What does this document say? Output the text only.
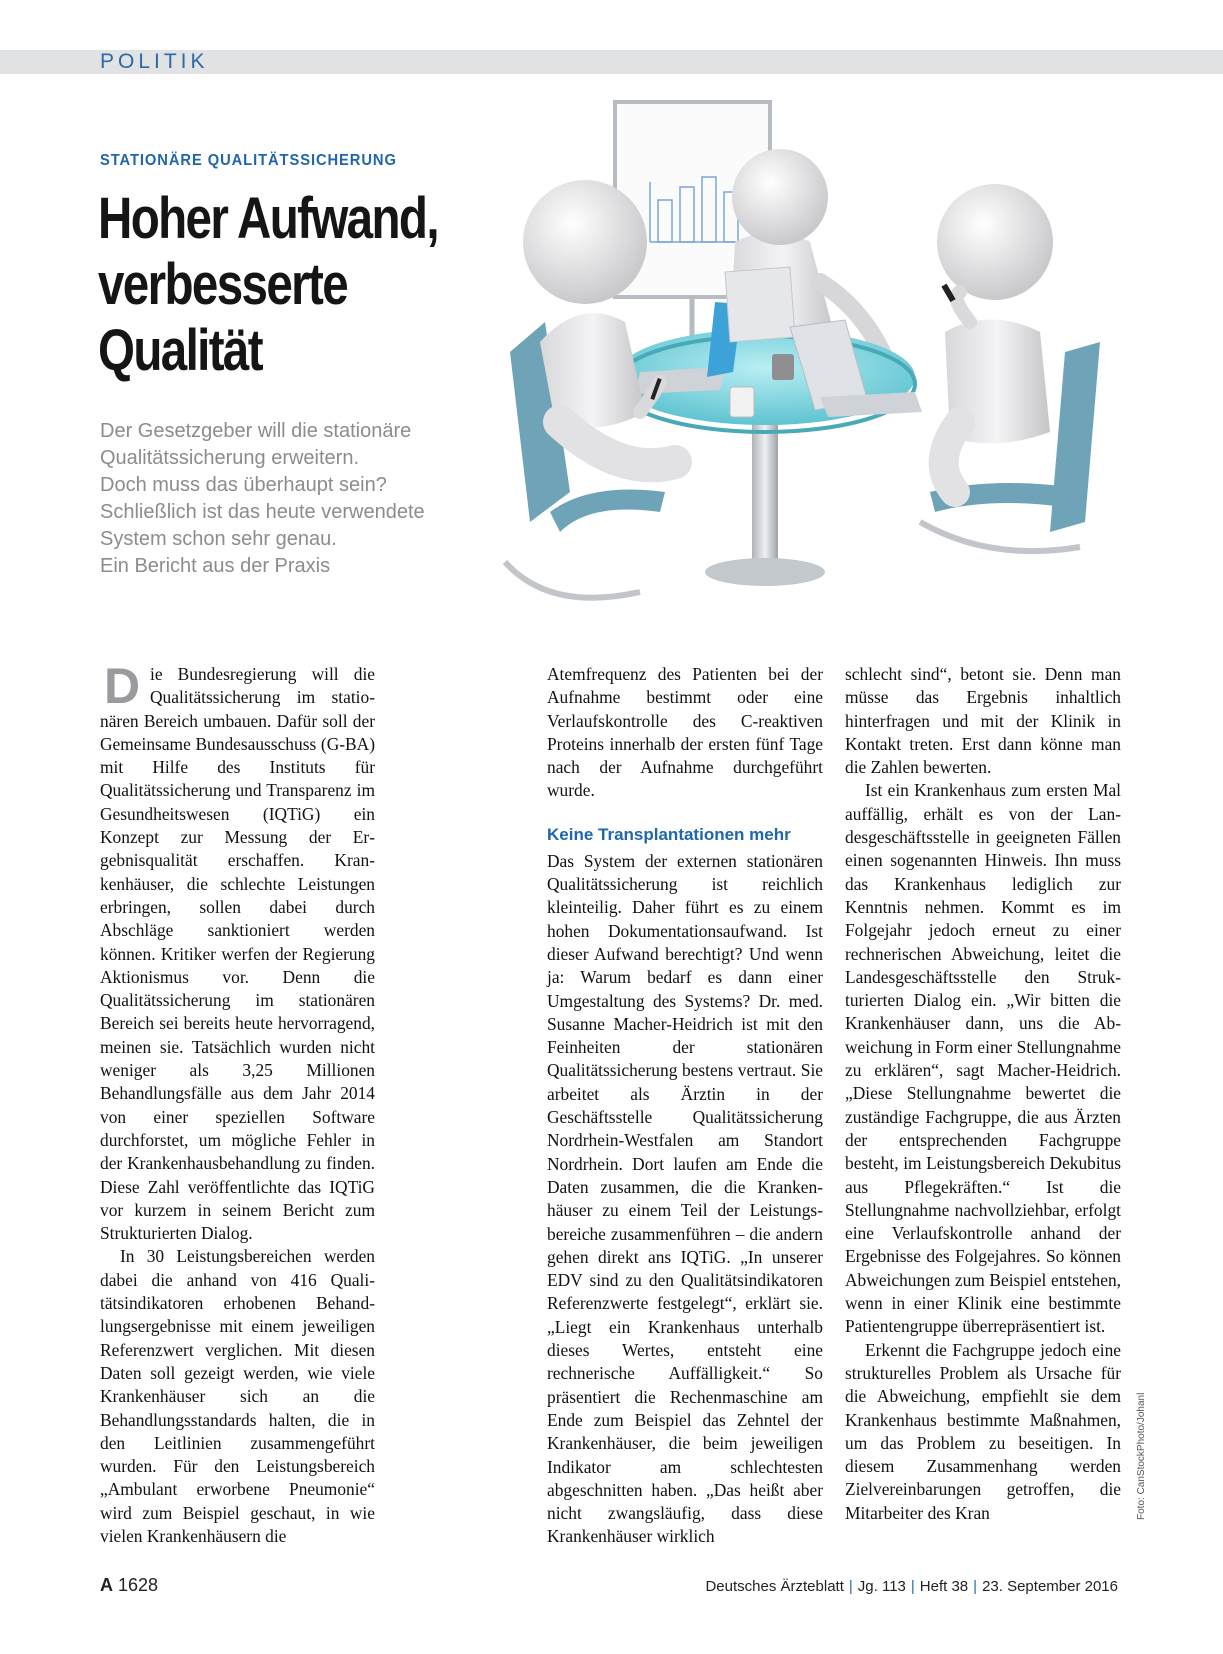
POLITIK
STATIONÄRE QUALITÄTSSICHERUNG
Hoher Aufwand,
verbesserte
Qualität
Der Gesetzgeber will die stationäre
Qualitätssicherung erweitern.
Doch muss das überhaupt sein?
Schließlich ist das heute verwendete
System schon sehr genau.
Ein Bericht aus der Praxis

Die Bundesregierung will die Qualitätssicherung im stationären Bereich umbauen. Dafür soll der Gemeinsame Bundesausschuss (G-BA) mit Hilfe des Instituts für Qualitätssicherung und Transparenz im Gesundheitswesen (IQTiG) ein Konzept zur Messung der Ergebnisqualität erschaffen. Krankenhäuser, die schlechte Leistungen erbringen, sollen dabei durch Abschläge sanktioniert werden können. Kritiker werfen der Regierung Aktionismus vor. Denn die Qualitätssicherung im stationären Bereich sei bereits heute hervorragend, meinen sie. Tatsächlich wurden nicht weniger als 3,25 Millionen Behandlungsfälle aus dem Jahr 2014 von einer speziellen Software durchforstet, um mögliche Fehler in der Krankenhausbehandlung zu finden. Diese Zahl veröffentlichte das IQTiG vor kurzem in seinem Bericht zum Strukturierten Dialog.

In 30 Leistungsbereichen werden dabei die anhand von 416 Qualitätsindikatoren erhobenen Behandlungsergebnisse mit einem jeweiligen Referenzwert verglichen. Mit diesen Daten soll gezeigt werden, wie viele Krankenhäuser sich an die Behandlungsstandards halten, die in den Leitlinien zusammengeführt wurden. Für den Leistungsbereich „Ambulant erworbene Pneumonie“ wird zum Beispiel geschaut, in wie vielen Krankenhäusern die

Atemfrequenz des Patienten bei der Aufnahme bestimmt oder eine Verlaufskontrolle des C-reaktiven Proteins innerhalb der ersten fünf Tage nach der Aufnahme durchgeführt wurde.

Keine Transplantationen mehr

Das System der externen stationären Qualitätssicherung ist reichlich kleinteilig. Daher führt es zu einem hohen Dokumentationsaufwand. Ist dieser Aufwand berechtigt? Und wenn ja: Warum bedarf es dann einer Umgestaltung des Systems? Dr. med. Susanne Macher-Heidrich ist mit den Feinheiten der stationären Qualitätssicherung bestens vertraut. Sie arbeitet als Ärztin in der Geschäftsstelle Qualitätssicherung Nordrhein-Westfalen am Standort Nordrhein. Dort laufen am Ende die Daten zusammen, die die Krankenhäuser zu einem Teil der Leistungsbereiche zusammenführen – die andern gehen direkt ans IQTiG. „In unserer EDV sind zu den Qualitätsindikatoren Referenzwerte festgelegt“, erklärt sie. „Liegt ein Krankenhaus unterhalb dieses Wertes, entsteht eine rechnerische Auffälligkeit.“ So präsentiert die Rechenmaschine am Ende zum Beispiel das Zehntel der Krankenhäuser, die beim jeweiligen Indikator am schlechtesten abgeschnitten haben. „Das heißt aber nicht zwangsläufig, dass diese Krankenhäuser wirklich

schlecht sind“, betont sie. Denn man müsse das Ergebnis inhaltlich hinterfragen und mit der Klinik in Kontakt treten. Erst dann könne man die Zahlen bewerten.

Ist ein Krankenhaus zum ersten Mal auffällig, erhält es von der Landesgeschäftsstelle in geeigneten Fällen einen sogenannten Hinweis. Ihn muss das Krankenhaus lediglich zur Kenntnis nehmen. Kommt es im Folgejahr jedoch erneut zu einer rechnerischen Abweichung, leitet die Landesgeschäftsstelle den Strukturierten Dialog ein. „Wir bitten die Krankenhäuser dann, uns die Abweichung in Form einer Stellungnahme zu erklären“, sagt Macher-Heidrich. „Diese Stellungnahme bewertet die zuständige Fachgruppe, die aus Ärzten der entsprechenden Fachgruppe besteht, im Leistungsbereich Dekubitus aus Pflegekräften.“ Ist die Stellungnahme nachvollziehbar, erfolgt eine Verlaufskontrolle anhand der Ergebnisse des Folgejahres. So können Abweichungen zum Beispiel entstehen, wenn in einer Klinik eine bestimmte Patientengruppe überrepräsentiert ist.

Erkennt die Fachgruppe jedoch eine strukturelles Problem als Ursache für die Abweichung, empfiehlt sie dem Krankenhaus bestimmte Maßnahmen, um das Problem zu beseitigen. In diesem Zusammenhang werden Zielvereinbarungen getroffen, die Mitarbeiter des Kran	Foto: CanStockPhoto/Johanl
A 1628	Deutsches Ärzteblatt | Jg. 113 | Heft 38 | 23. September 2016
